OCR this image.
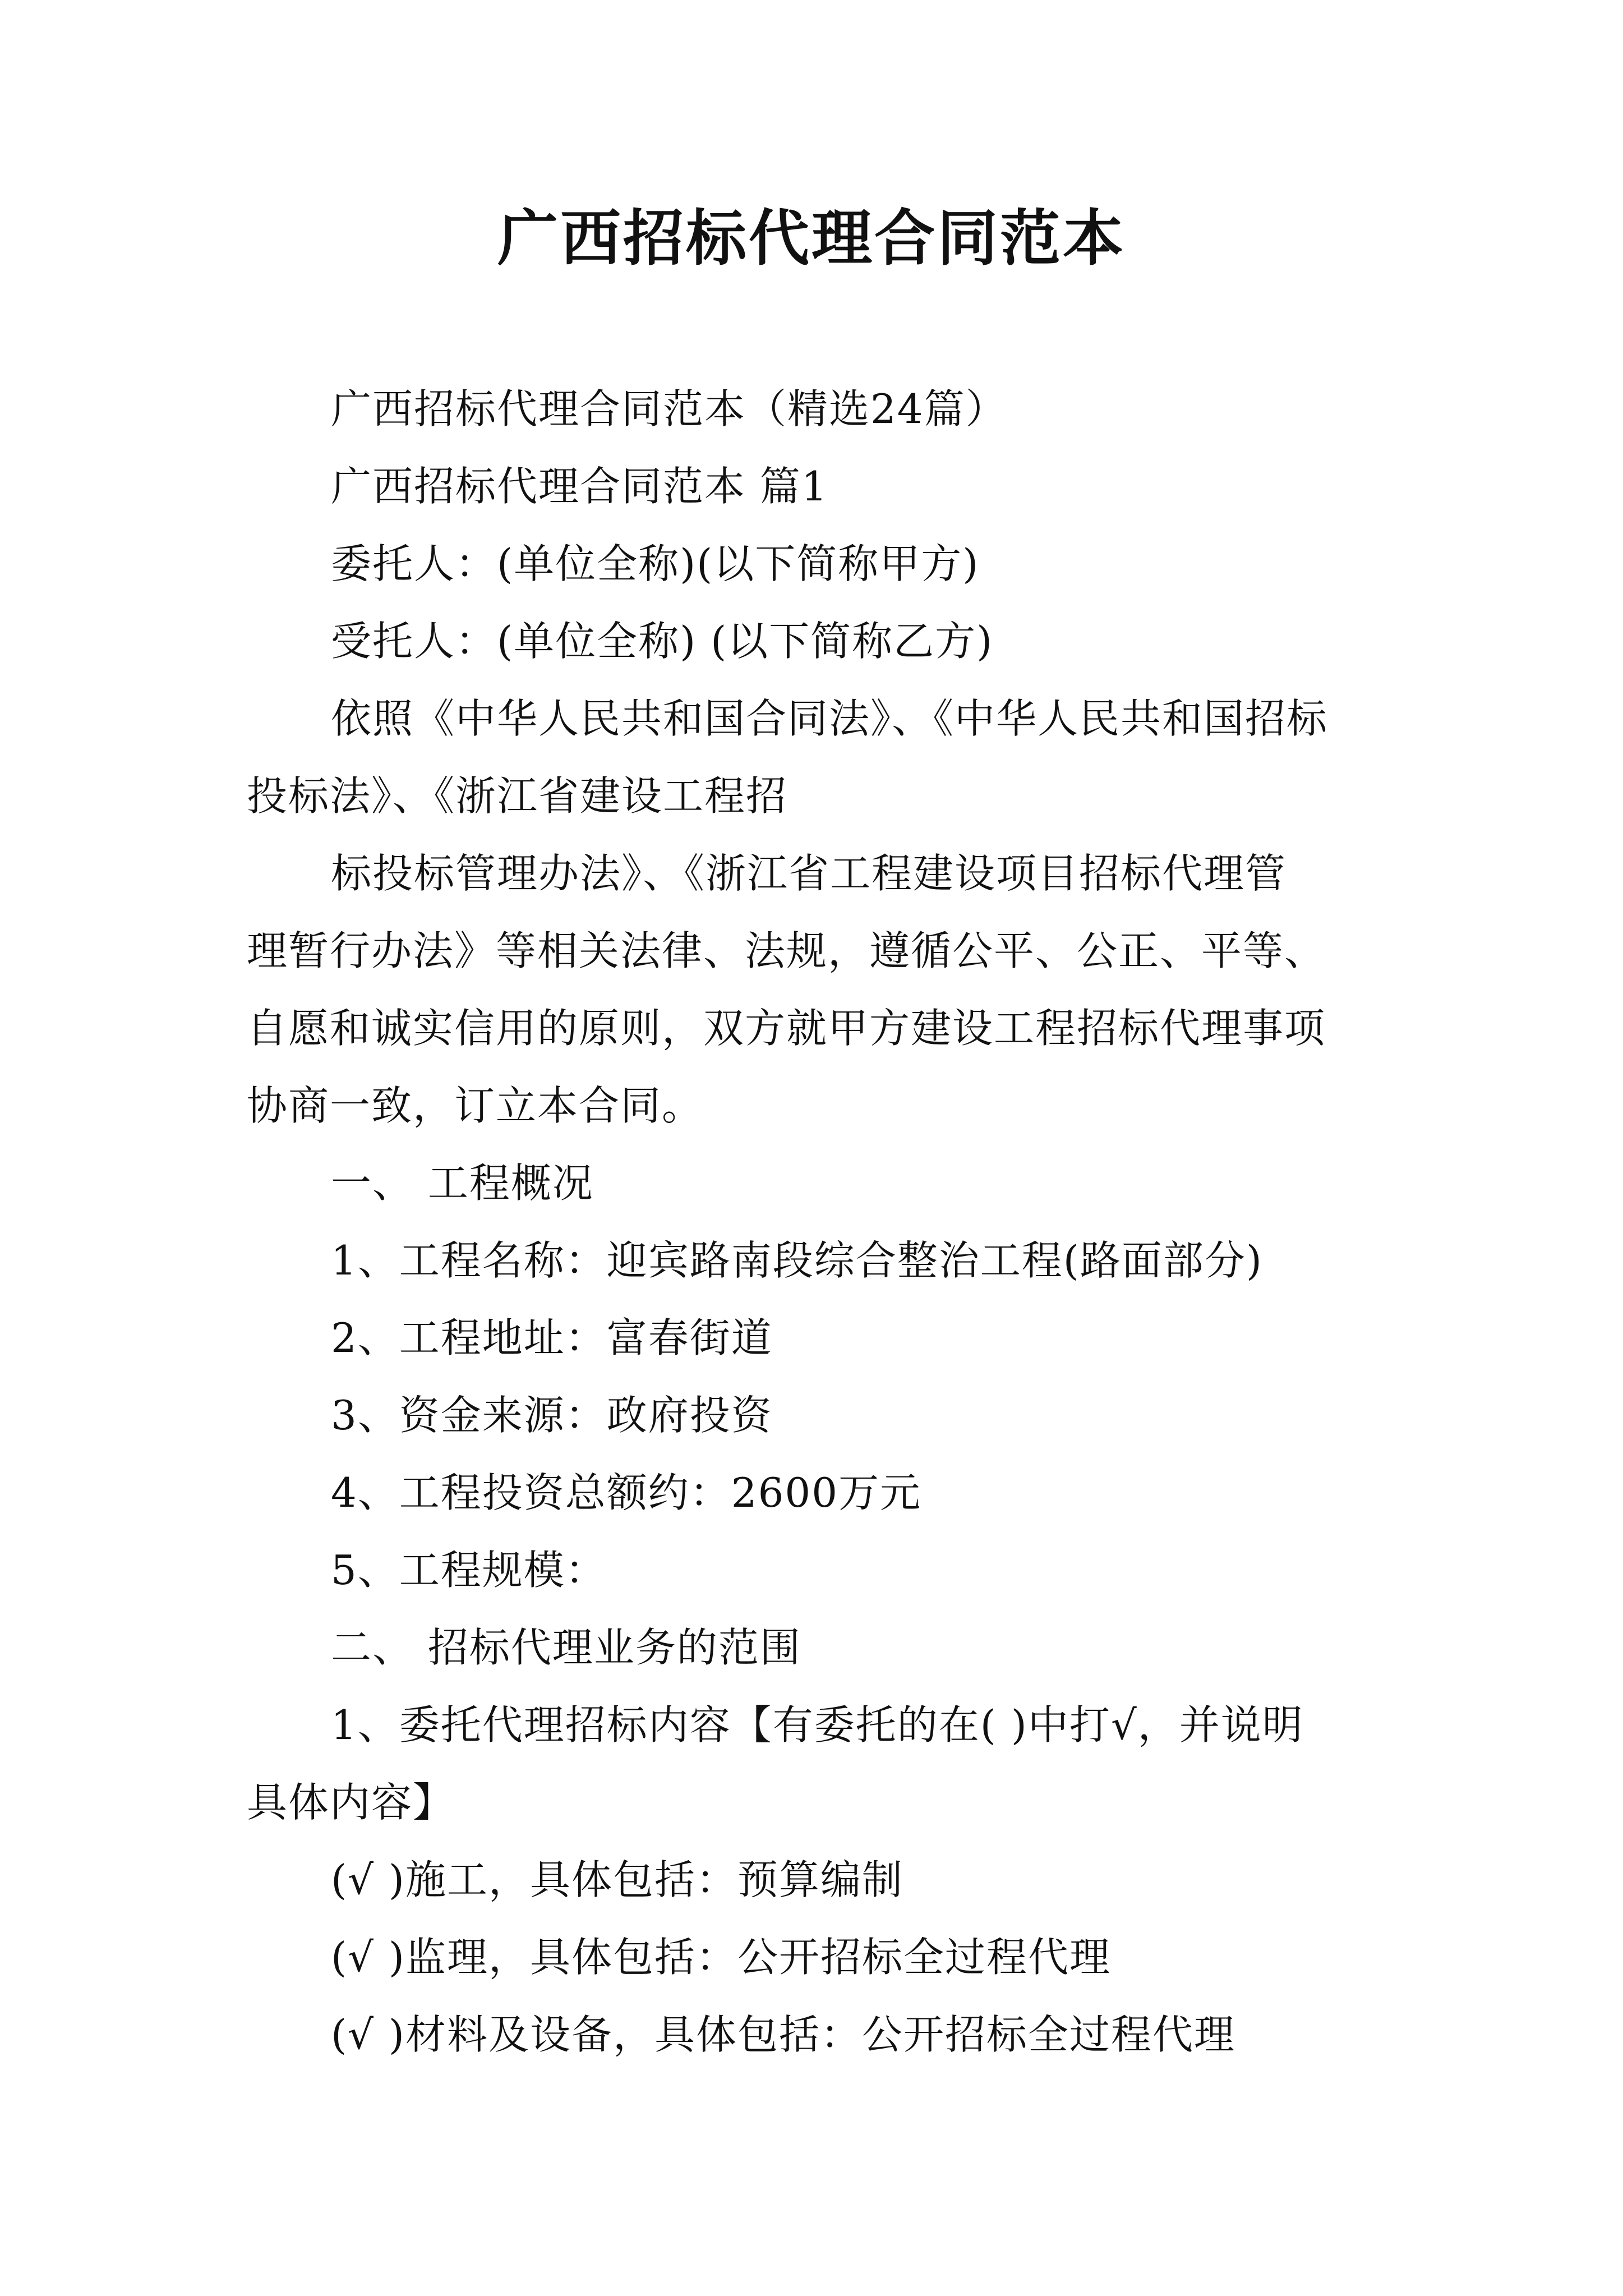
广西招标代理合同范本
广西招标代理合同范本（精选24篇）
广西招标代理合同范本 篇1
委托人：(单位全称)(以下简称甲方)
受托人：(单位全称) (以下简称乙方)
依照《中华人民共和国合同法》、《中华人民共和国招标
投标法》、《浙江省建设工程招
标投标管理办法》、《浙江省工程建设项目招标代理管
理暂行办法》等相关法律、法规，遵循公平、公正、平等、
自愿和诚实信用的原则，双方就甲方建设工程招标代理事项
协商一致，订立本合同。
一、 工程概况
1、工程名称：迎宾路南段综合整治工程(路面部分)
2、工程地址：富春街道
3、资金来源：政府投资
4、工程投资总额约：2600万元
5、工程规模：
二、 招标代理业务的范围
1、委托代理招标内容【有委托的在( )中打√，并说明
具体内容】
(√ )施工，具体包括：预算编制
(√ )监理，具体包括：公开招标全过程代理
(√ )材料及设备，具体包括：公开招标全过程代理
